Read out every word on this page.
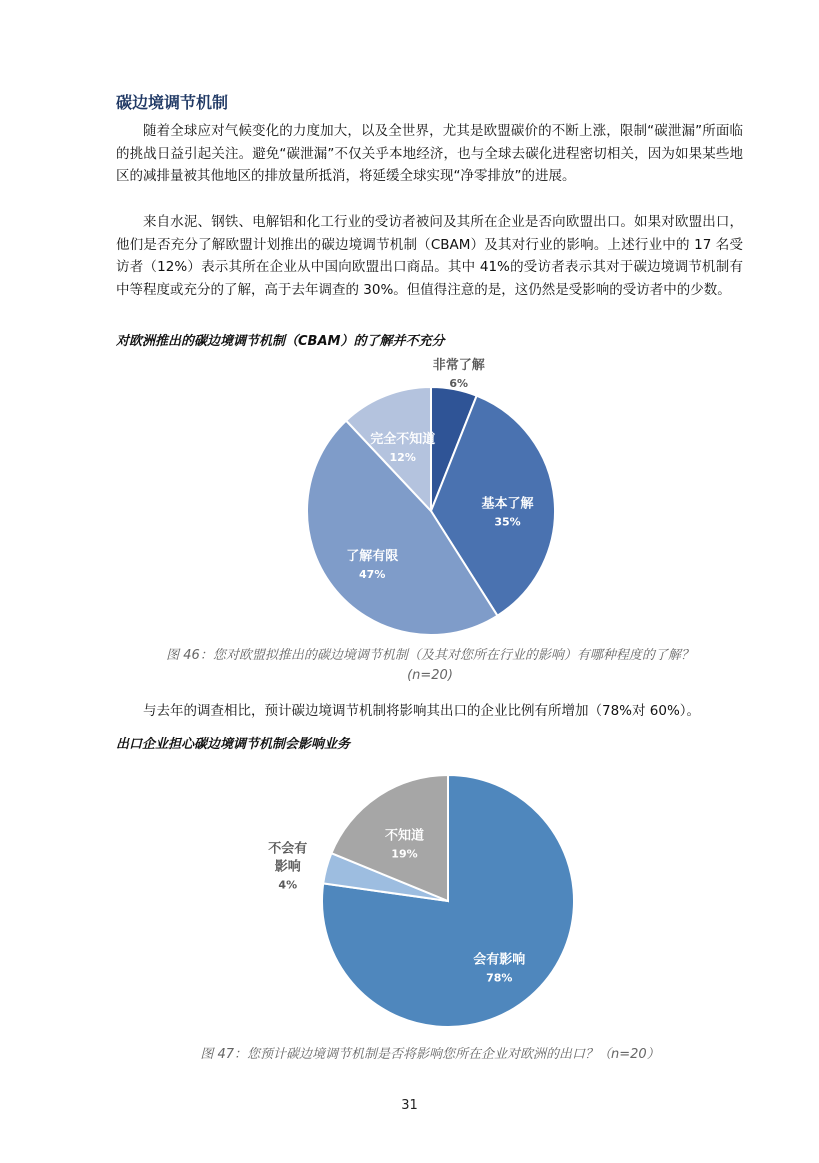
碳边境调节机制
随着全球应对气候变化的力度加大，以及全世界，尤其是欧盟碳价的不断上涨，限制“碳泄漏”所面临的挑战日益引起关注。避免“碳泄漏”不仅关乎本地经济，也与全球去碳化进程密切相关，因为如果某些地区的减排量被其他地区的排放量所抵消，将延缓全球实现“净零排放”的进展。
来自水泥、钢铁、电解铝和化工行业的受访者被问及其所在企业是否向欧盟出口。如果对欧盟出口，他们是否充分了解欧盟计划推出的碳边境调节机制（CBAM）及其对行业的影响。上述行业中的 17 名受访者（12%）表示其所在企业从中国向欧盟出口商品。其中 41%的受访者表示其对于碳边境调节机制有中等程度或充分的了解，高于去年调查的 30%。但值得注意的是，这仍然是受影响的受访者中的少数。
对欧洲推出的碳边境调节机制（CBAM）的了解并不充分
非常了解
6%
基本了解
35%
了解有限
47%
完全不知道
12%
图 46：您对欧盟拟推出的碳边境调节机制（及其对您所在行业的影响）有哪种程度的了解？
(n=20)
与去年的调查相比，预计碳边境调节机制将影响其出口的企业比例有所增加（78%对 60%）。
出口企业担心碳边境调节机制会影响业务
会有影响
78%
不会有
影响
4%
不知道
19%
图 47：您预计碳边境调节机制是否将影响您所在企业对欧洲的出口？（n=20）
31
